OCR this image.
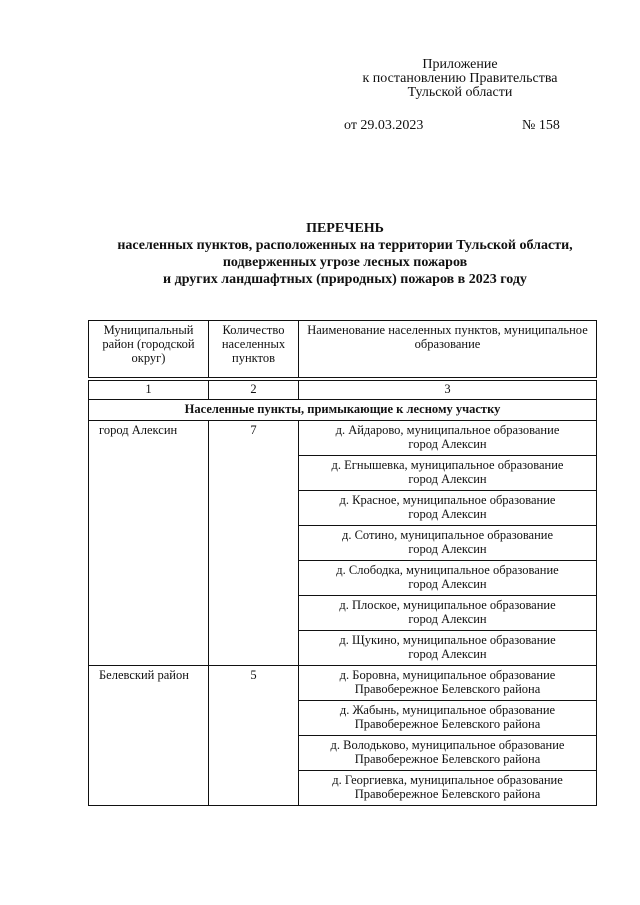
Приложение
к постановлению Правительства
Тульской области
от 29.03.2023	№ 158
ПЕРЕЧЕНЬ
населенных пунктов, расположенных на территории Тульской области,
подверженных угрозе лесных пожаров
и других ландшафтных (природных) пожаров в 2023 году
Муниципальный район (городской округ)	Количество населенных пунктов	Наименование населенных пунктов, муниципальное образование

1	2	3
Населенные пункты, примыкающие к лесному участку		
город Алексин	7	д. Айдарово, муниципальное образование
город Алексин

		д. Егнышевка, муниципальное образование
город Алексин

		д. Красное, муниципальное образование
город Алексин

		д. Сотино, муниципальное образование
город Алексин

		д. Слободка, муниципальное образование
город Алексин

		д. Плоское, муниципальное образование
город Алексин

		д. Щукино, муниципальное образование
город Алексин

Белевский район	5	д. Боровна, муниципальное образование
Правобережное Белевского района

		д. Жабынь, муниципальное образование
Правобережное Белевского района

		д. Володьково, муниципальное образование
Правобережное Белевского района

		д. Георгиевка, муниципальное образование
Правобережное Белевского района
